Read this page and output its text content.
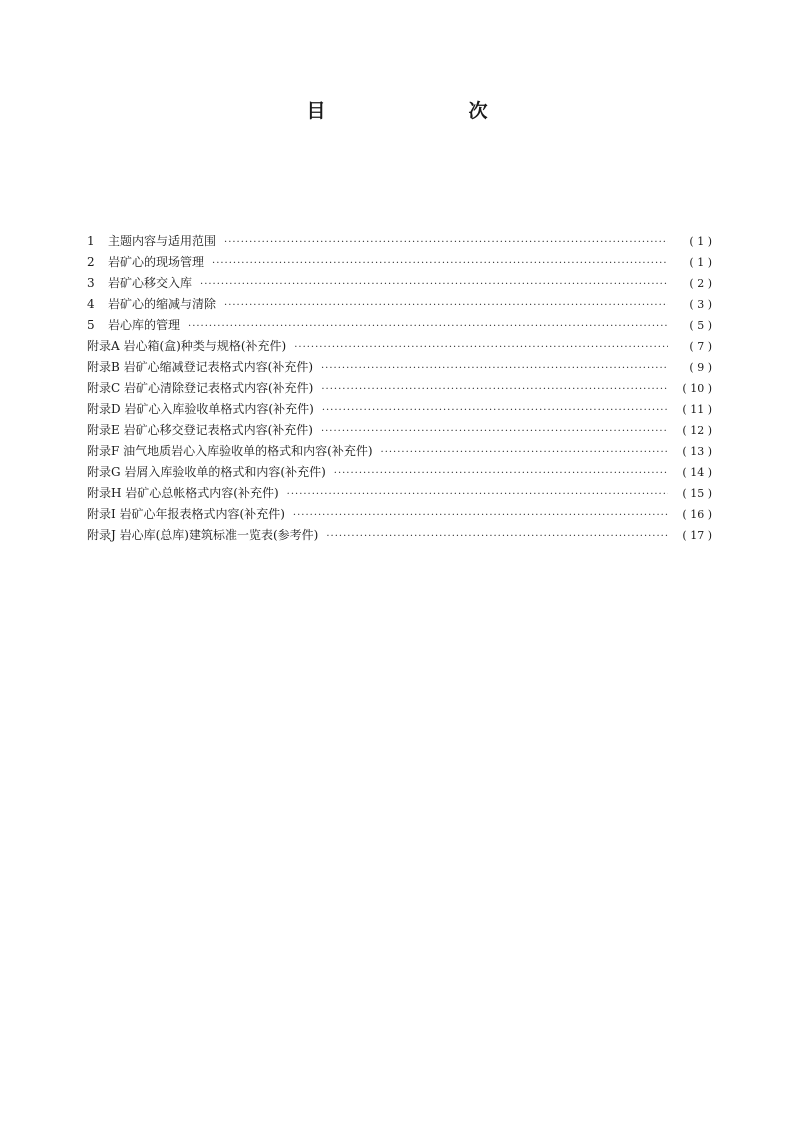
目　次
1	主题内容与适用范围 ·····	( 1 )
2	岩矿心的现场管理 ·····	( 1 )
3	岩矿心移交入库 ·····	( 2 )
4	岩矿心的缩减与清除 ·····	( 3 )
5	岩心库的管理 ·····	( 5 )
附录A 岩心箱(盒)种类与规格(补充件) ·····	( 7 )
附录B 岩矿心缩减登记表格式内容(补充件) ·····	( 9 )
附录C 岩矿心清除登记表格式内容(补充件) ·····	( 10 )
附录D 岩矿心入库验收单格式内容(补充件) ·····	( 11 )
附录E 岩矿心移交登记表格式内容(补充件) ·····	( 12 )
附录F 油气地质岩心入库验收单的格式和内容(补充件) ·····	( 13 )
附录G 岩屑入库验收单的格式和内容(补充件) ·····	( 14 )
附录H 岩矿心总帐格式内容(补充件) ·····	( 15 )
附录I 岩矿心年报表格式内容(补充件) ·····	( 16 )
附录J 岩心库(总库)建筑标准一览表(参考件) ·····	( 17 )
